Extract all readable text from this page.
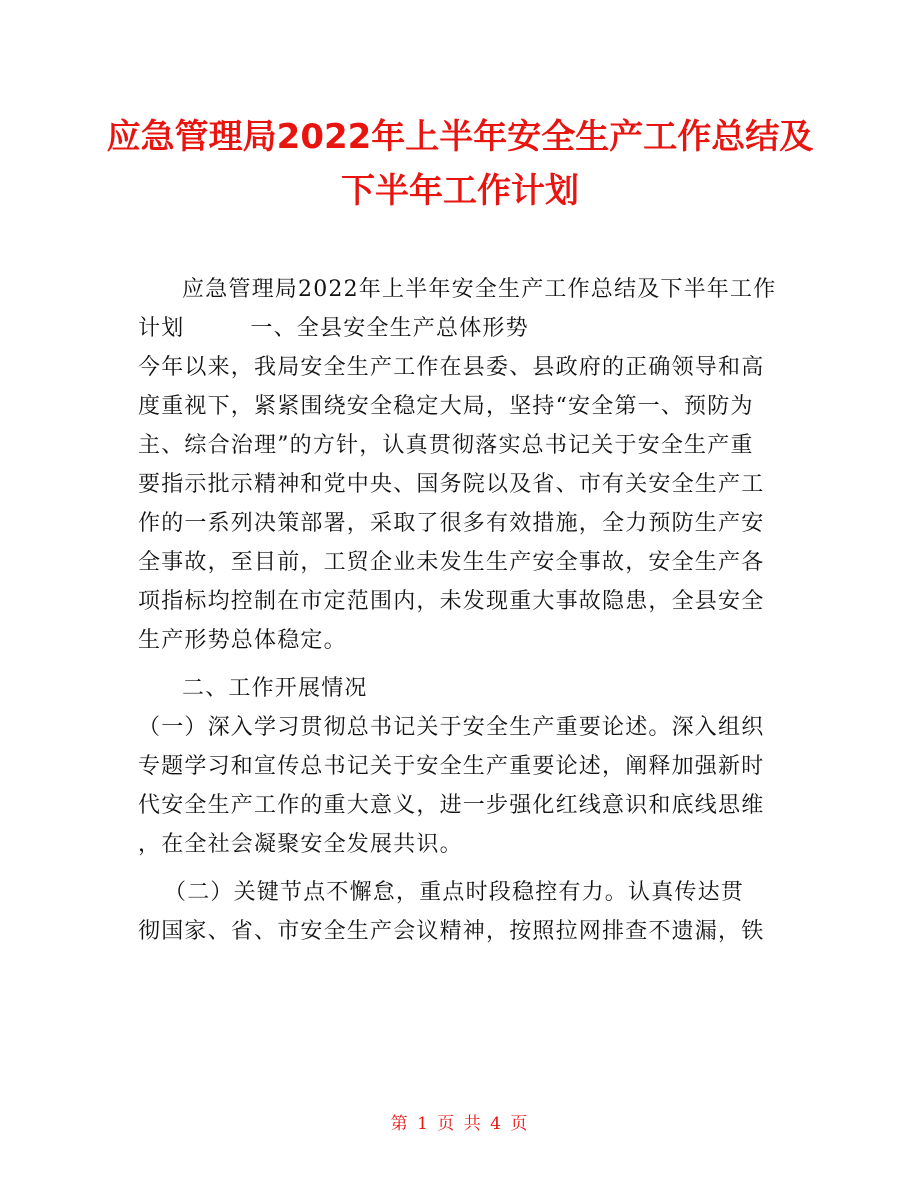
应急管理局2022年上半年安全生产工作总结及
下半年工作计划
应急管理局2022年上半年安全生产工作总结及下半年工作
计划	一、全县安全生产总体形势
今年以来，我局安全生产工作在县委、县政府的正确领导和高
度重视下，紧紧围绕安全稳定大局，坚持“安全第一、预防为
主、综合治理”的方针，认真贯彻落实总书记关于安全生产重
要指示批示精神和党中央、国务院以及省、市有关安全生产工
作的一系列决策部署，采取了很多有效措施，全力预防生产安
全事故，至目前，工贸企业未发生生产安全事故，安全生产各
项指标均控制在市定范围内，未发现重大事故隐患，全县安全
生产形势总体稳定。
二、工作开展情况
（一）深入学习贯彻总书记关于安全生产重要论述。深入组织
专题学习和宣传总书记关于安全生产重要论述，阐释加强新时
代安全生产工作的重大意义，进一步强化红线意识和底线思维
，在全社会凝聚安全发展共识。
（二）关键节点不懈怠，重点时段稳控有力。认真传达贯
彻国家、省、市安全生产会议精神，按照拉网排查不遗漏，铁
第 1 页 共 4 页
